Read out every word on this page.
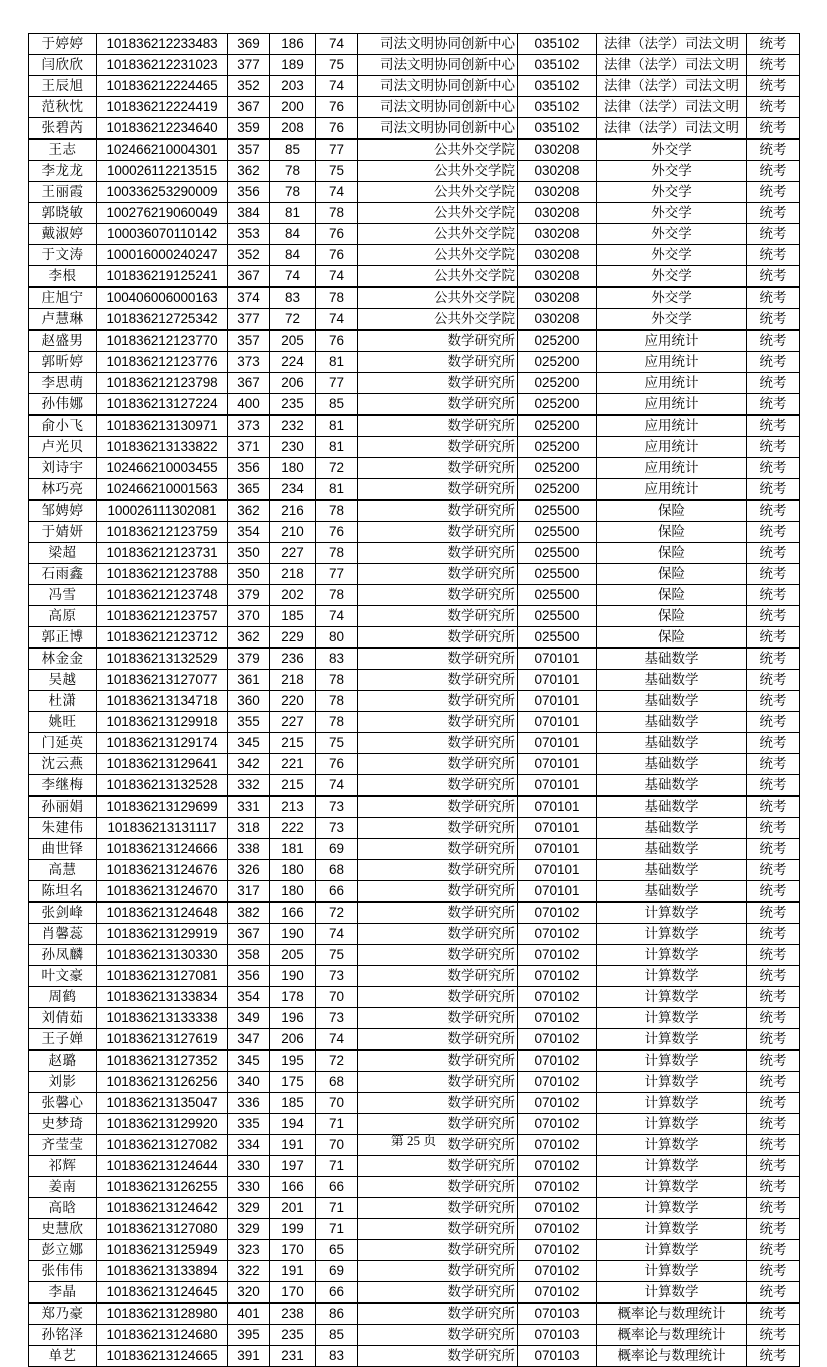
于婷婷	101836212233483	369	186	74	司法文明协同创新中心	035102	法律（法学）司法文明	统考
闫欣欣	101836212231023	377	189	75	司法文明协同创新中心	035102	法律（法学）司法文明	统考
王辰旭	101836212224465	352	203	74	司法文明协同创新中心	035102	法律（法学）司法文明	统考
范秋忱	101836212224419	367	200	76	司法文明协同创新中心	035102	法律（法学）司法文明	统考
张碧芮	101836212234640	359	208	76	司法文明协同创新中心	035102	法律（法学）司法文明	统考
王志	102466210004301	357	85	77	公共外交学院	030208	外交学	统考
李龙龙	100026112213515	362	78	75	公共外交学院	030208	外交学	统考
王丽霞	100336253290009	356	78	74	公共外交学院	030208	外交学	统考
郭晓敏	100276219060049	384	81	78	公共外交学院	030208	外交学	统考
戴淑婷	100036070110142	353	84	76	公共外交学院	030208	外交学	统考
于文涛	100016000240247	352	84	76	公共外交学院	030208	外交学	统考
李根	101836219125241	367	74	74	公共外交学院	030208	外交学	统考
庄旭宁	100406006000163	374	83	78	公共外交学院	030208	外交学	统考
卢慧琳	101836212725342	377	72	74	公共外交学院	030208	外交学	统考
赵盛男	101836212123770	357	205	76	数学研究所	025200	应用统计	统考
郭昕婷	101836212123776	373	224	81	数学研究所	025200	应用统计	统考
李思萌	101836212123798	367	206	77	数学研究所	025200	应用统计	统考
孙伟娜	101836213127224	400	235	85	数学研究所	025200	应用统计	统考
俞小飞	101836213130971	373	232	81	数学研究所	025200	应用统计	统考
卢光贝	101836213133822	371	230	81	数学研究所	025200	应用统计	统考
刘诗宇	102466210003455	356	180	72	数学研究所	025200	应用统计	统考
林巧亮	102466210001563	365	234	81	数学研究所	025200	应用统计	统考
邹娉婷	100026111302081	362	216	78	数学研究所	025500	保险	统考
于婧妍	101836212123759	354	210	76	数学研究所	025500	保险	统考
梁超	101836212123731	350	227	78	数学研究所	025500	保险	统考
石雨鑫	101836212123788	350	218	77	数学研究所	025500	保险	统考
冯雪	101836212123748	379	202	78	数学研究所	025500	保险	统考
高原	101836212123757	370	185	74	数学研究所	025500	保险	统考
郭正博	101836212123712	362	229	80	数学研究所	025500	保险	统考
林金金	101836213132529	379	236	83	数学研究所	070101	基础数学	统考
吴越	101836213127077	361	218	78	数学研究所	070101	基础数学	统考
杜潇	101836213134718	360	220	78	数学研究所	070101	基础数学	统考
姚旺	101836213129918	355	227	78	数学研究所	070101	基础数学	统考
门延英	101836213129174	345	215	75	数学研究所	070101	基础数学	统考
沈云燕	101836213129641	342	221	76	数学研究所	070101	基础数学	统考
李继梅	101836213132528	332	215	74	数学研究所	070101	基础数学	统考
孙丽娟	101836213129699	331	213	73	数学研究所	070101	基础数学	统考
朱建伟	101836213131117	318	222	73	数学研究所	070101	基础数学	统考
曲世铎	101836213124666	338	181	69	数学研究所	070101	基础数学	统考
高慧	101836213124676	326	180	68	数学研究所	070101	基础数学	统考
陈坦名	101836213124670	317	180	66	数学研究所	070101	基础数学	统考
张剑峰	101836213124648	382	166	72	数学研究所	070102	计算数学	统考
肖馨蕊	101836213129919	367	190	74	数学研究所	070102	计算数学	统考
孙凤麟	101836213130330	358	205	75	数学研究所	070102	计算数学	统考
叶文豪	101836213127081	356	190	73	数学研究所	070102	计算数学	统考
周鹤	101836213133834	354	178	70	数学研究所	070102	计算数学	统考
刘倩茹	101836213133338	349	196	73	数学研究所	070102	计算数学	统考
王子婵	101836213127619	347	206	74	数学研究所	070102	计算数学	统考
赵璐	101836213127352	345	195	72	数学研究所	070102	计算数学	统考
刘影	101836213126256	340	175	68	数学研究所	070102	计算数学	统考
张馨心	101836213135047	336	185	70	数学研究所	070102	计算数学	统考
史梦琦	101836213129920	335	194	71	数学研究所	070102	计算数学	统考
齐莹莹	101836213127082	334	191	70	数学研究所	070102	计算数学	统考
祁辉	101836213124644	330	197	71	数学研究所	070102	计算数学	统考
姜南	101836213126255	330	166	66	数学研究所	070102	计算数学	统考
高晗	101836213124642	329	201	71	数学研究所	070102	计算数学	统考
史慧欣	101836213127080	329	199	71	数学研究所	070102	计算数学	统考
彭立娜	101836213125949	323	170	65	数学研究所	070102	计算数学	统考
张伟伟	101836213133894	322	191	69	数学研究所	070102	计算数学	统考
李晶	101836213124645	320	170	66	数学研究所	070102	计算数学	统考
郑乃豪	101836213128980	401	238	86	数学研究所	070103	概率论与数理统计	统考
孙铭泽	101836213124680	395	235	85	数学研究所	070103	概率论与数理统计	统考
单艺	101836213124665	391	231	83	数学研究所	070103	概率论与数理统计	统考
第 25 页
